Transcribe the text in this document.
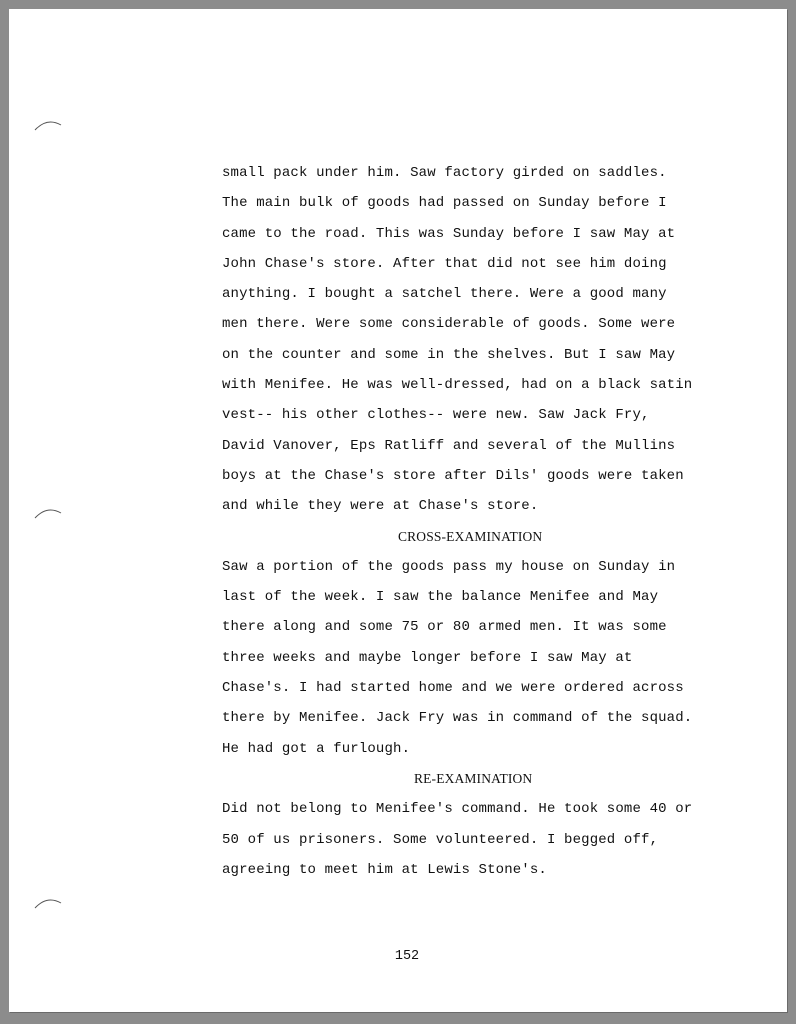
small pack under him. Saw factory girded on saddles.
The main bulk of goods had passed on Sunday before I
came to the road. This was Sunday before I saw May at
John Chase's store. After that did not see him doing
anything. I bought a satchel there. Were a good many
men there. Were some considerable of goods. Some were
on the counter and some in the shelves. But I saw May
with Menifee. He was well-dressed, had on a black satin
vest-- his other clothes-- were new. Saw Jack Fry,
David Vanover, Eps Ratliff and several of the Mullins
boys at the Chase's store after Dils' goods were taken
and while they were at Chase's store.
CROSS-EXAMINATION
Saw a portion of the goods pass my house on Sunday in
last of the week. I saw the balance Menifee and May
there along and some 75 or 80 armed men. It was some
three weeks and maybe longer before I saw May at
Chase's. I had started home and we were ordered across
there by Menifee. Jack Fry was in command of the squad.
He had got a furlough.
RE-EXAMINATION
Did not belong to Menifee's command. He took some 40 or
50 of us prisoners. Some volunteered. I begged off,
agreeing to meet him at Lewis Stone's.
152
